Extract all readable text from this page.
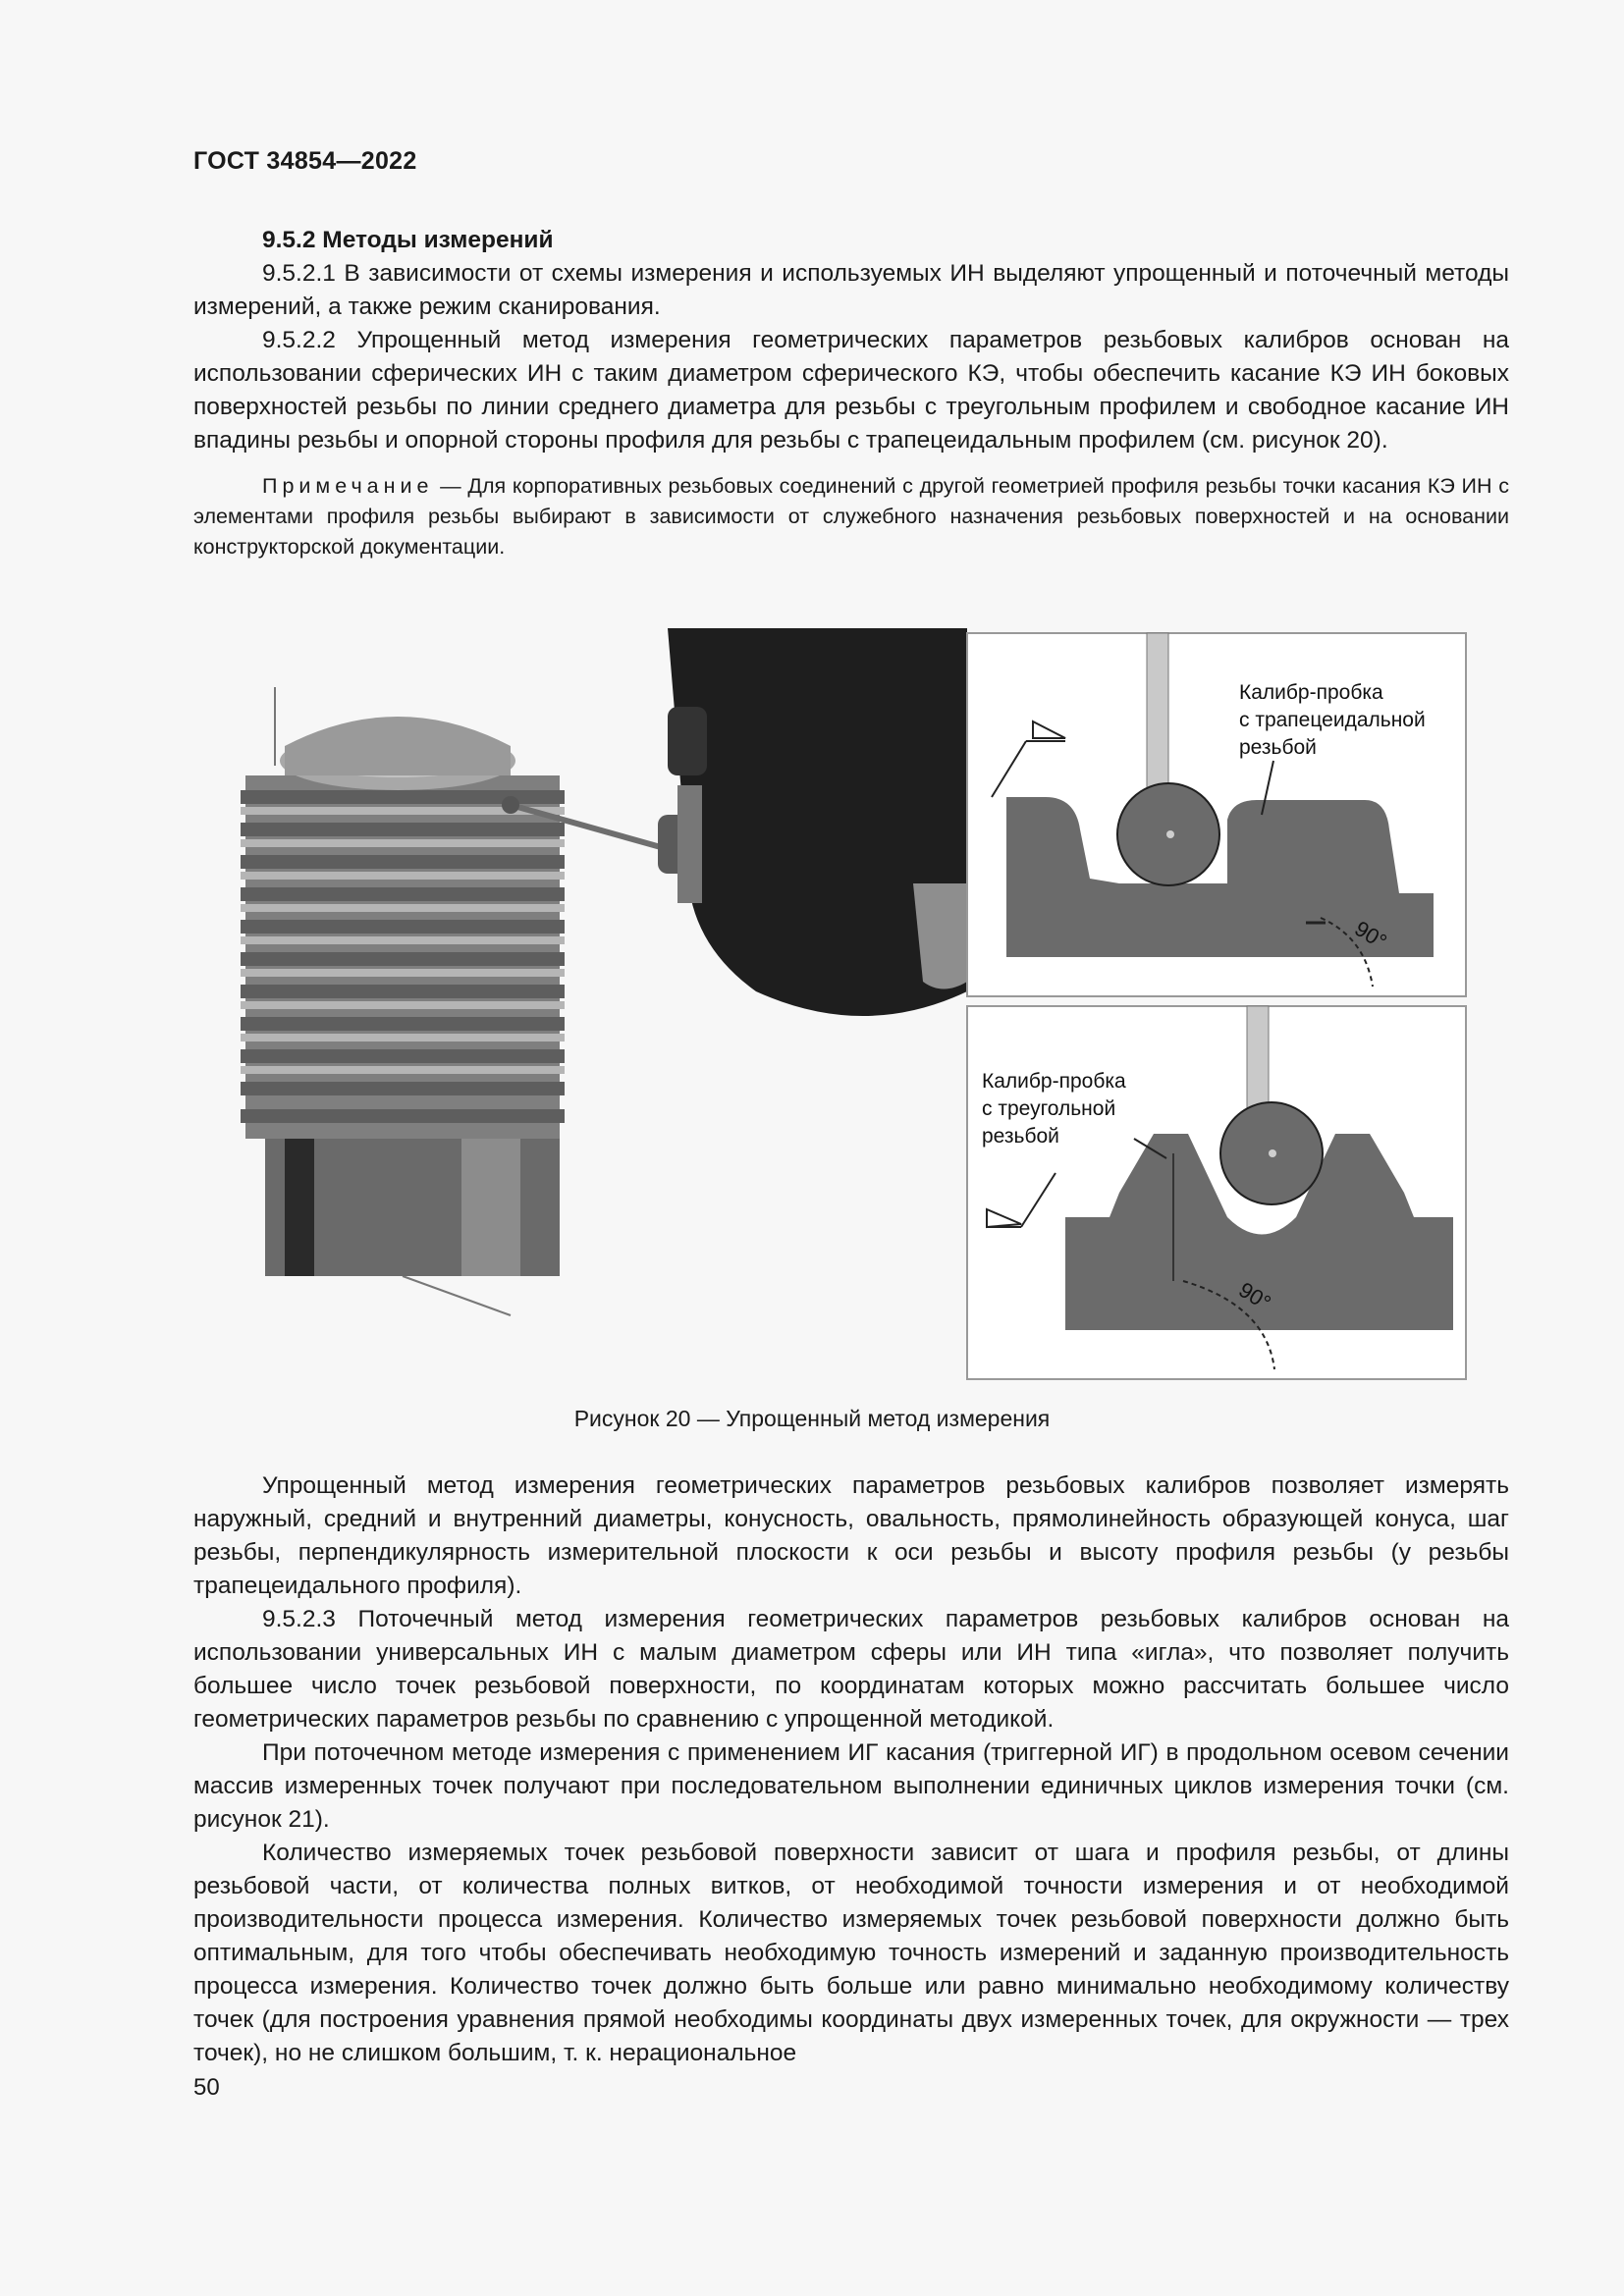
ГОСТ 34854—2022

9.5.2 Методы измерений

9.5.2.1 В зависимости от схемы измерения и используемых ИН выделяют упрощенный и поточечный методы измерений, а также режим сканирования.

9.5.2.2 Упрощенный метод измерения геометрических параметров резьбовых калибров основан на использовании сферических ИН с таким диаметром сферического КЭ, чтобы обеспечить касание КЭ ИН боковых поверхностей резьбы по линии среднего диаметра для резьбы с треугольным профилем и свободное касание ИН впадины резьбы и опорной стороны профиля для резьбы с трапецеидальным профилем (см. рисунок 20).

Примечание — Для корпоративных резьбовых соединений с другой геометрией профиля резьбы точки касания КЭ ИН с элементами профиля резьбы выбирают в зависимости от служебного назначения резьбовых поверхностей и на основании конструкторской документации.

Калибр-пробка
с трапецеидальной
резьбой
90°
Калибр-пробка
с треугольной
резьбой
90°
Рисунок 20 — Упрощенный метод измерения

Упрощенный метод измерения геометрических параметров резьбовых калибров позволяет измерять наружный, средний и внутренний диаметры, конусность, овальность, прямолинейность образующей конуса, шаг резьбы, перпендикулярность измерительной плоскости к оси резьбы и высоту профиля резьбы (у резьбы трапецеидального профиля).

9.5.2.3 Поточечный метод измерения геометрических параметров резьбовых калибров основан на использовании универсальных ИН с малым диаметром сферы или ИН типа «игла», что позволяет получить большее число точек резьбовой поверхности, по координатам которых можно рассчитать большее число геометрических параметров резьбы по сравнению с упрощенной методикой.

При поточечном методе измерения с применением ИГ касания (триггерной ИГ) в продольном осевом сечении массив измеренных точек получают при последовательном выполнении единичных циклов измерения точки (см. рисунок 21).

Количество измеряемых точек резьбовой поверхности зависит от шага и профиля резьбы, от длины резьбовой части, от количества полных витков, от необходимой точности измерения и от необходимой производительности процесса измерения. Количество измеряемых точек резьбовой поверхности должно быть оптимальным, для того чтобы обеспечивать необходимую точность измерений и заданную производительность процесса измерения. Количество точек должно быть больше или равно минимально необходимому количеству точек (для построения уравнения прямой необходимы координаты двух измеренных точек, для окружности — трех точек), но не слишком большим, т. к. нерациональное

50
